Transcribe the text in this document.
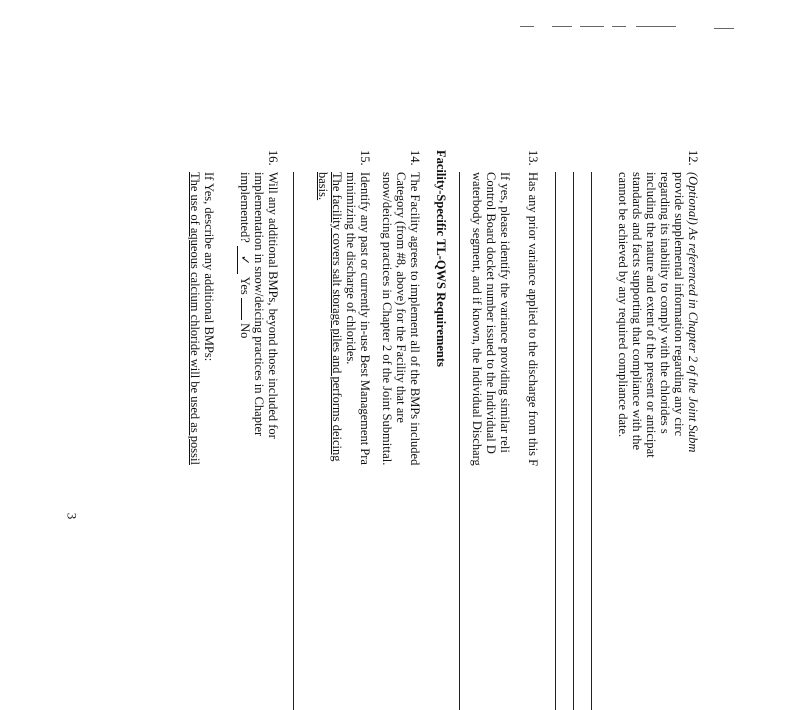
12.(Optional) As referenced in Chapter 2 of the Joint Subm

provide supplemental information regarding any circ

regarding its inability to comply with the chlorides s

including the nature and extent of the present or anticipat

standards and facts supporting that compliance with the

cannot be achieved by any required compliance date.

13.Has any prior variance applied to the discharge from this F

If yes, please identify the variance providing similar reli

Control Board docket number issued to the Individual D

waterbody segment, and if known, the Individual Discharg

Facility-Specific TL-QWS Requirements

14.The Facility agrees to implement all of the BMPs included

Category (from #8, above) for the Facility that are

snow/deicing practices in Chapter 2 of the Joint Submittal.

15.Identify any past or currently in-use Best Management Pra

minimizing the discharge of chlorides.

The facility covers salt storage piles and performs deicing

basis.

16.Will any additional BMPs, beyond those included for

implementation in snow/deicing practices in Chapter

implemented? ✓ Yes  No

If Yes, describe any additional BMPs:

The use of aqueous calcium chloride will be used as possil

3
